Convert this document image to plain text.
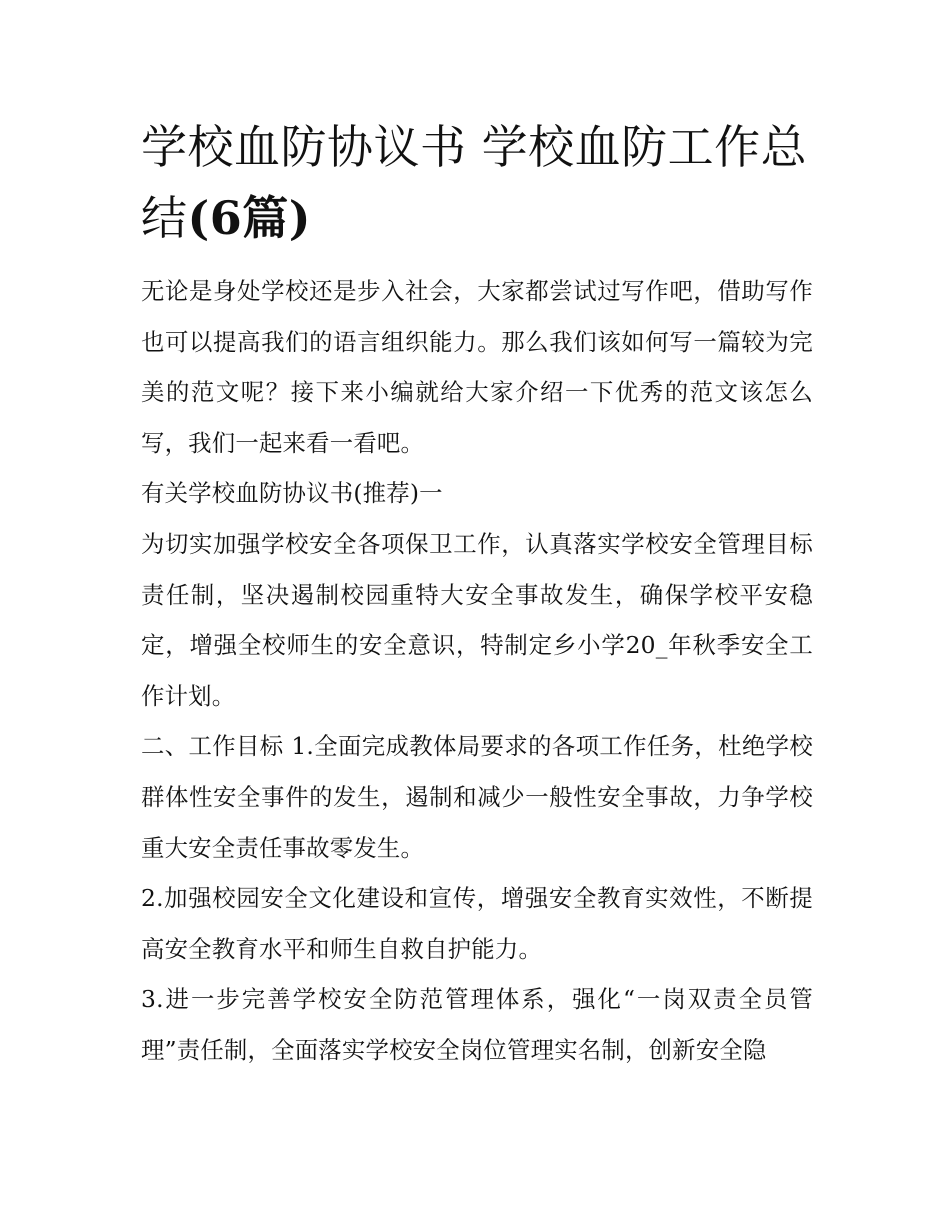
学校血防协议书 学校血防工作总结(6篇)

无论是身处学校还是步入社会，大家都尝试过写作吧，借助写作也可以提高我们的语言组织能力。那么我们该如何写一篇较为完美的范文呢？接下来小编就给大家介绍一下优秀的范文该怎么写，我们一起来看一看吧。

有关学校血防协议书(推荐)一

为切实加强学校安全各项保卫工作，认真落实学校安全管理目标责任制，坚决遏制校园重特大安全事故发生，确保学校平安稳定，增强全校师生的安全意识，特制定乡小学20_年秋季安全工作计划。

二、工作目标 1.全面完成教体局要求的各项工作任务，杜绝学校群体性安全事件的发生，遏制和减少一般性安全事故，力争学校重大安全责任事故零发生。

2.加强校园安全文化建设和宣传，增强安全教育实效性，不断提高安全教育水平和师生自救自护能力。

3.进一步完善学校安全防范管理体系，强化“一岗双责全员管理”责任制，全面落实学校安全岗位管理实名制，创新安全隐
